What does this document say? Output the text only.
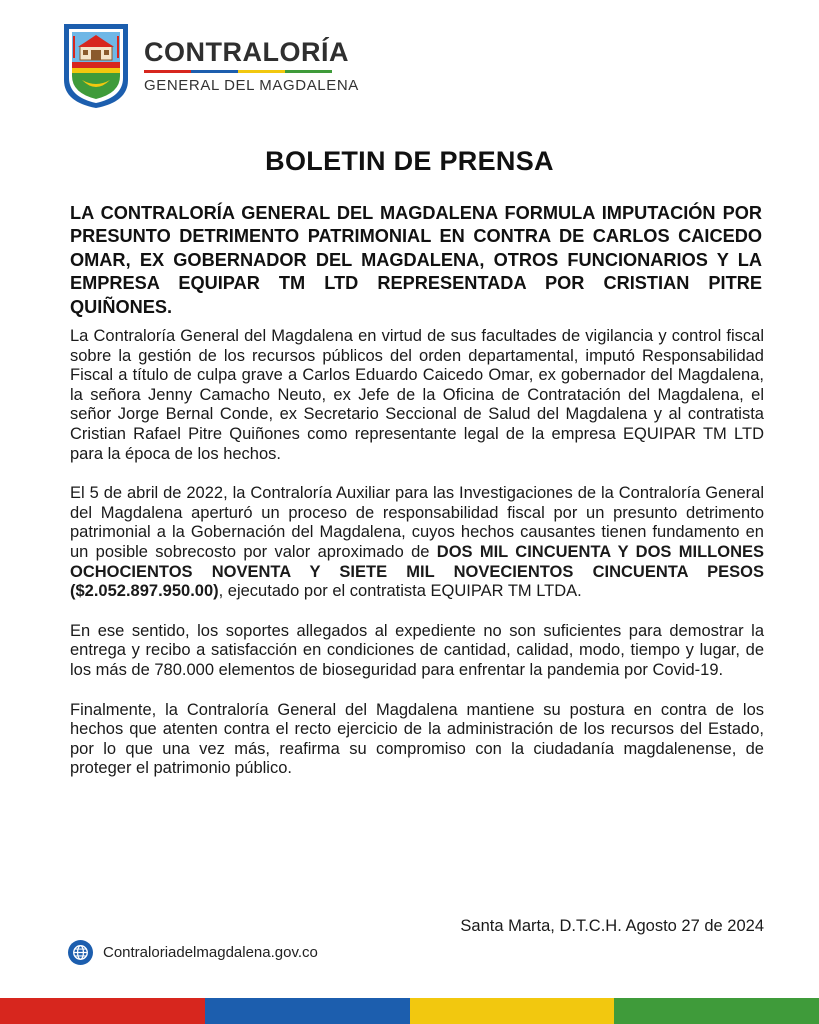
CONTRALORÍA
GENERAL DEL MAGDALENA
BOLETIN DE PRENSA
LA CONTRALORÍA GENERAL DEL MAGDALENA FORMULA IMPUTACIÓN POR PRESUNTO DETRIMENTO PATRIMONIAL EN CONTRA DE CARLOS CAICEDO OMAR, EX GOBERNADOR DEL MAGDALENA, OTROS FUNCIONARIOS Y LA EMPRESA EQUIPAR TM LTD REPRESENTADA POR CRISTIAN PITRE QUIÑONES.

La Contraloría General del Magdalena en virtud de sus facultades de vigilancia y control fiscal sobre la gestión de los recursos públicos del orden departamental, imputó Responsabilidad Fiscal a título de culpa grave a Carlos Eduardo Caicedo Omar, ex gobernador del Magdalena, la señora Jenny Camacho Neuto, ex Jefe de la Oficina de Contratación del Magdalena, el señor Jorge Bernal Conde, ex Secretario Seccional de Salud del Magdalena y al contratista Cristian Rafael Pitre Quiñones como representante legal de la empresa EQUIPAR TM LTD para la época de los hechos.

El 5 de abril de 2022, la Contraloría Auxiliar para las Investigaciones de la Contraloría General del Magdalena aperturó un proceso de responsabilidad fiscal por un presunto detrimento patrimonial a la Gobernación del Magdalena, cuyos hechos causantes tienen fundamento en un posible sobrecosto por valor aproximado de DOS MIL CINCUENTA Y DOS MILLONES OCHOCIENTOS NOVENTA Y SIETE MIL NOVECIENTOS CINCUENTA PESOS ($2.052.897.950.00), ejecutado por el contratista EQUIPAR TM LTDA.

En ese sentido, los soportes allegados al expediente no son suficientes para demostrar la entrega y recibo a satisfacción en condiciones de cantidad, calidad, modo, tiempo y lugar, de los más de 780.000 elementos de bioseguridad para enfrentar la pandemia por Covid-19.

Finalmente, la Contraloría General del Magdalena mantiene su postura en contra de los hechos que atenten contra el recto ejercicio de la administración de los recursos del Estado, por lo que una vez más, reafirma su compromiso con la ciudadanía magdalenense, de proteger el patrimonio público.

Santa Marta, D.T.C.H. Agosto 27 de 2024
Contraloriadelmagdalena.gov.co
